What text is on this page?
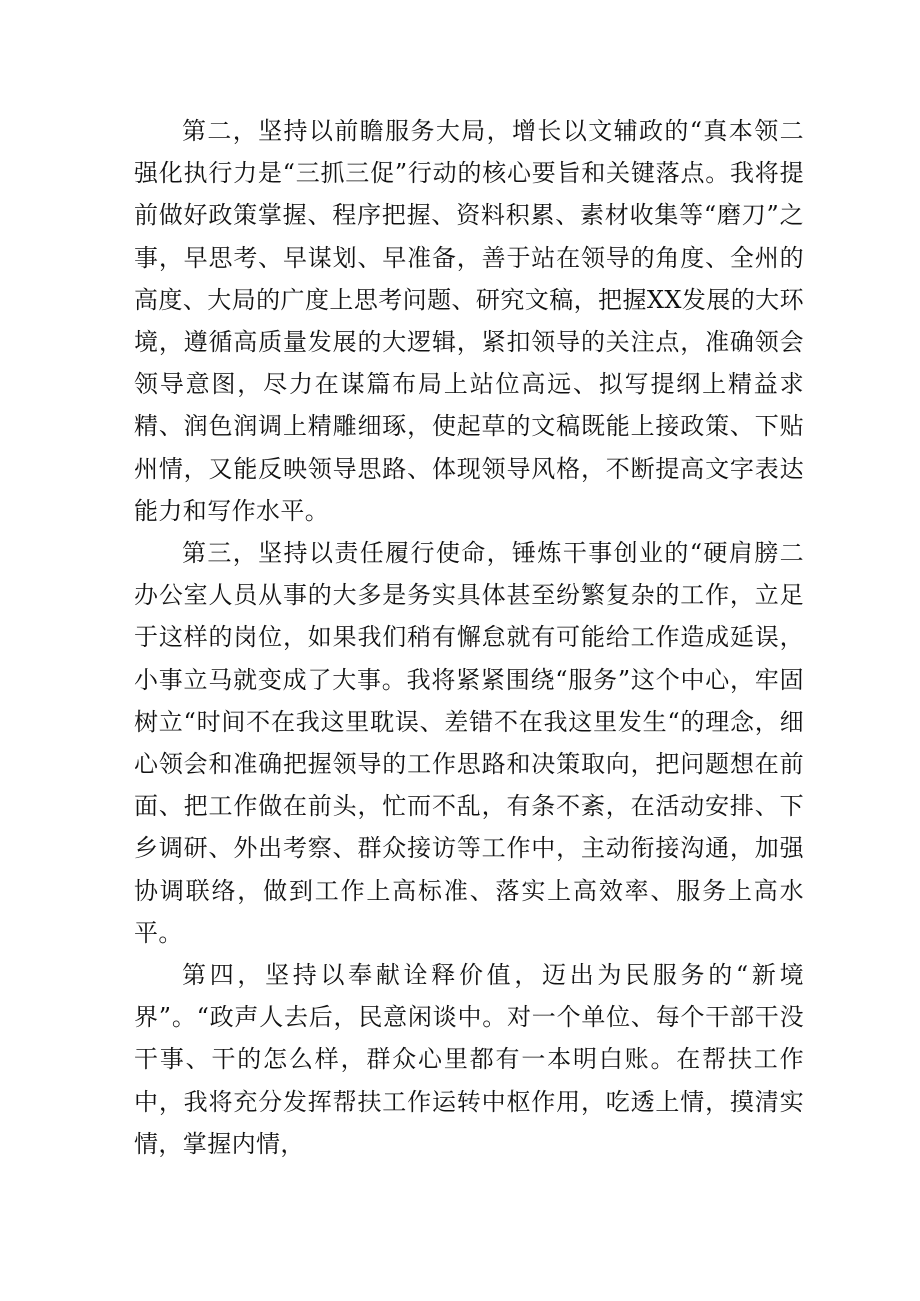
第二，坚持以前瞻服务大局，增长以文辅政的“真本领二强化执行力是“三抓三促”行动的核心要旨和关键落点。我将提前做好政策掌握、程序把握、资料积累、素材收集等“磨刀”之事，早思考、早谋划、早准备，善于站在领导的角度、全州的高度、大局的广度上思考问题、研究文稿，把握XX发展的大环境，遵循高质量发展的大逻辑，紧扣领导的关注点，准确领会领导意图，尽力在谋篇布局上站位高远、拟写提纲上精益求精、润色润调上精雕细琢，使起草的文稿既能上接政策、下贴州情，又能反映领导思路、体现领导风格，不断提高文字表达能力和写作水平。

第三，坚持以责任履行使命，锤炼干事创业的“硬肩膀二办公室人员从事的大多是务实具体甚至纷繁复杂的工作，立足于这样的岗位，如果我们稍有懈怠就有可能给工作造成延误，小事立马就变成了大事。我将紧紧围绕“服务”这个中心，牢固树立“时间不在我这里耽误、差错不在我这里发生“的理念，细心领会和准确把握领导的工作思路和决策取向，把问题想在前面、把工作做在前头，忙而不乱，有条不紊，在活动安排、下乡调研、外出考察、群众接访等工作中，主动衔接沟通，加强协调联络，做到工作上高标准、落实上高效率、服务上高水平。

第四，坚持以奉献诠释价值，迈出为民服务的“新境界”。“政声人去后，民意闲谈中。对一个单位、每个干部干没干事、干的怎么样，群众心里都有一本明白账。在帮扶工作中，我将充分发挥帮扶工作运转中枢作用，吃透上情，摸清实情，掌握内情，
